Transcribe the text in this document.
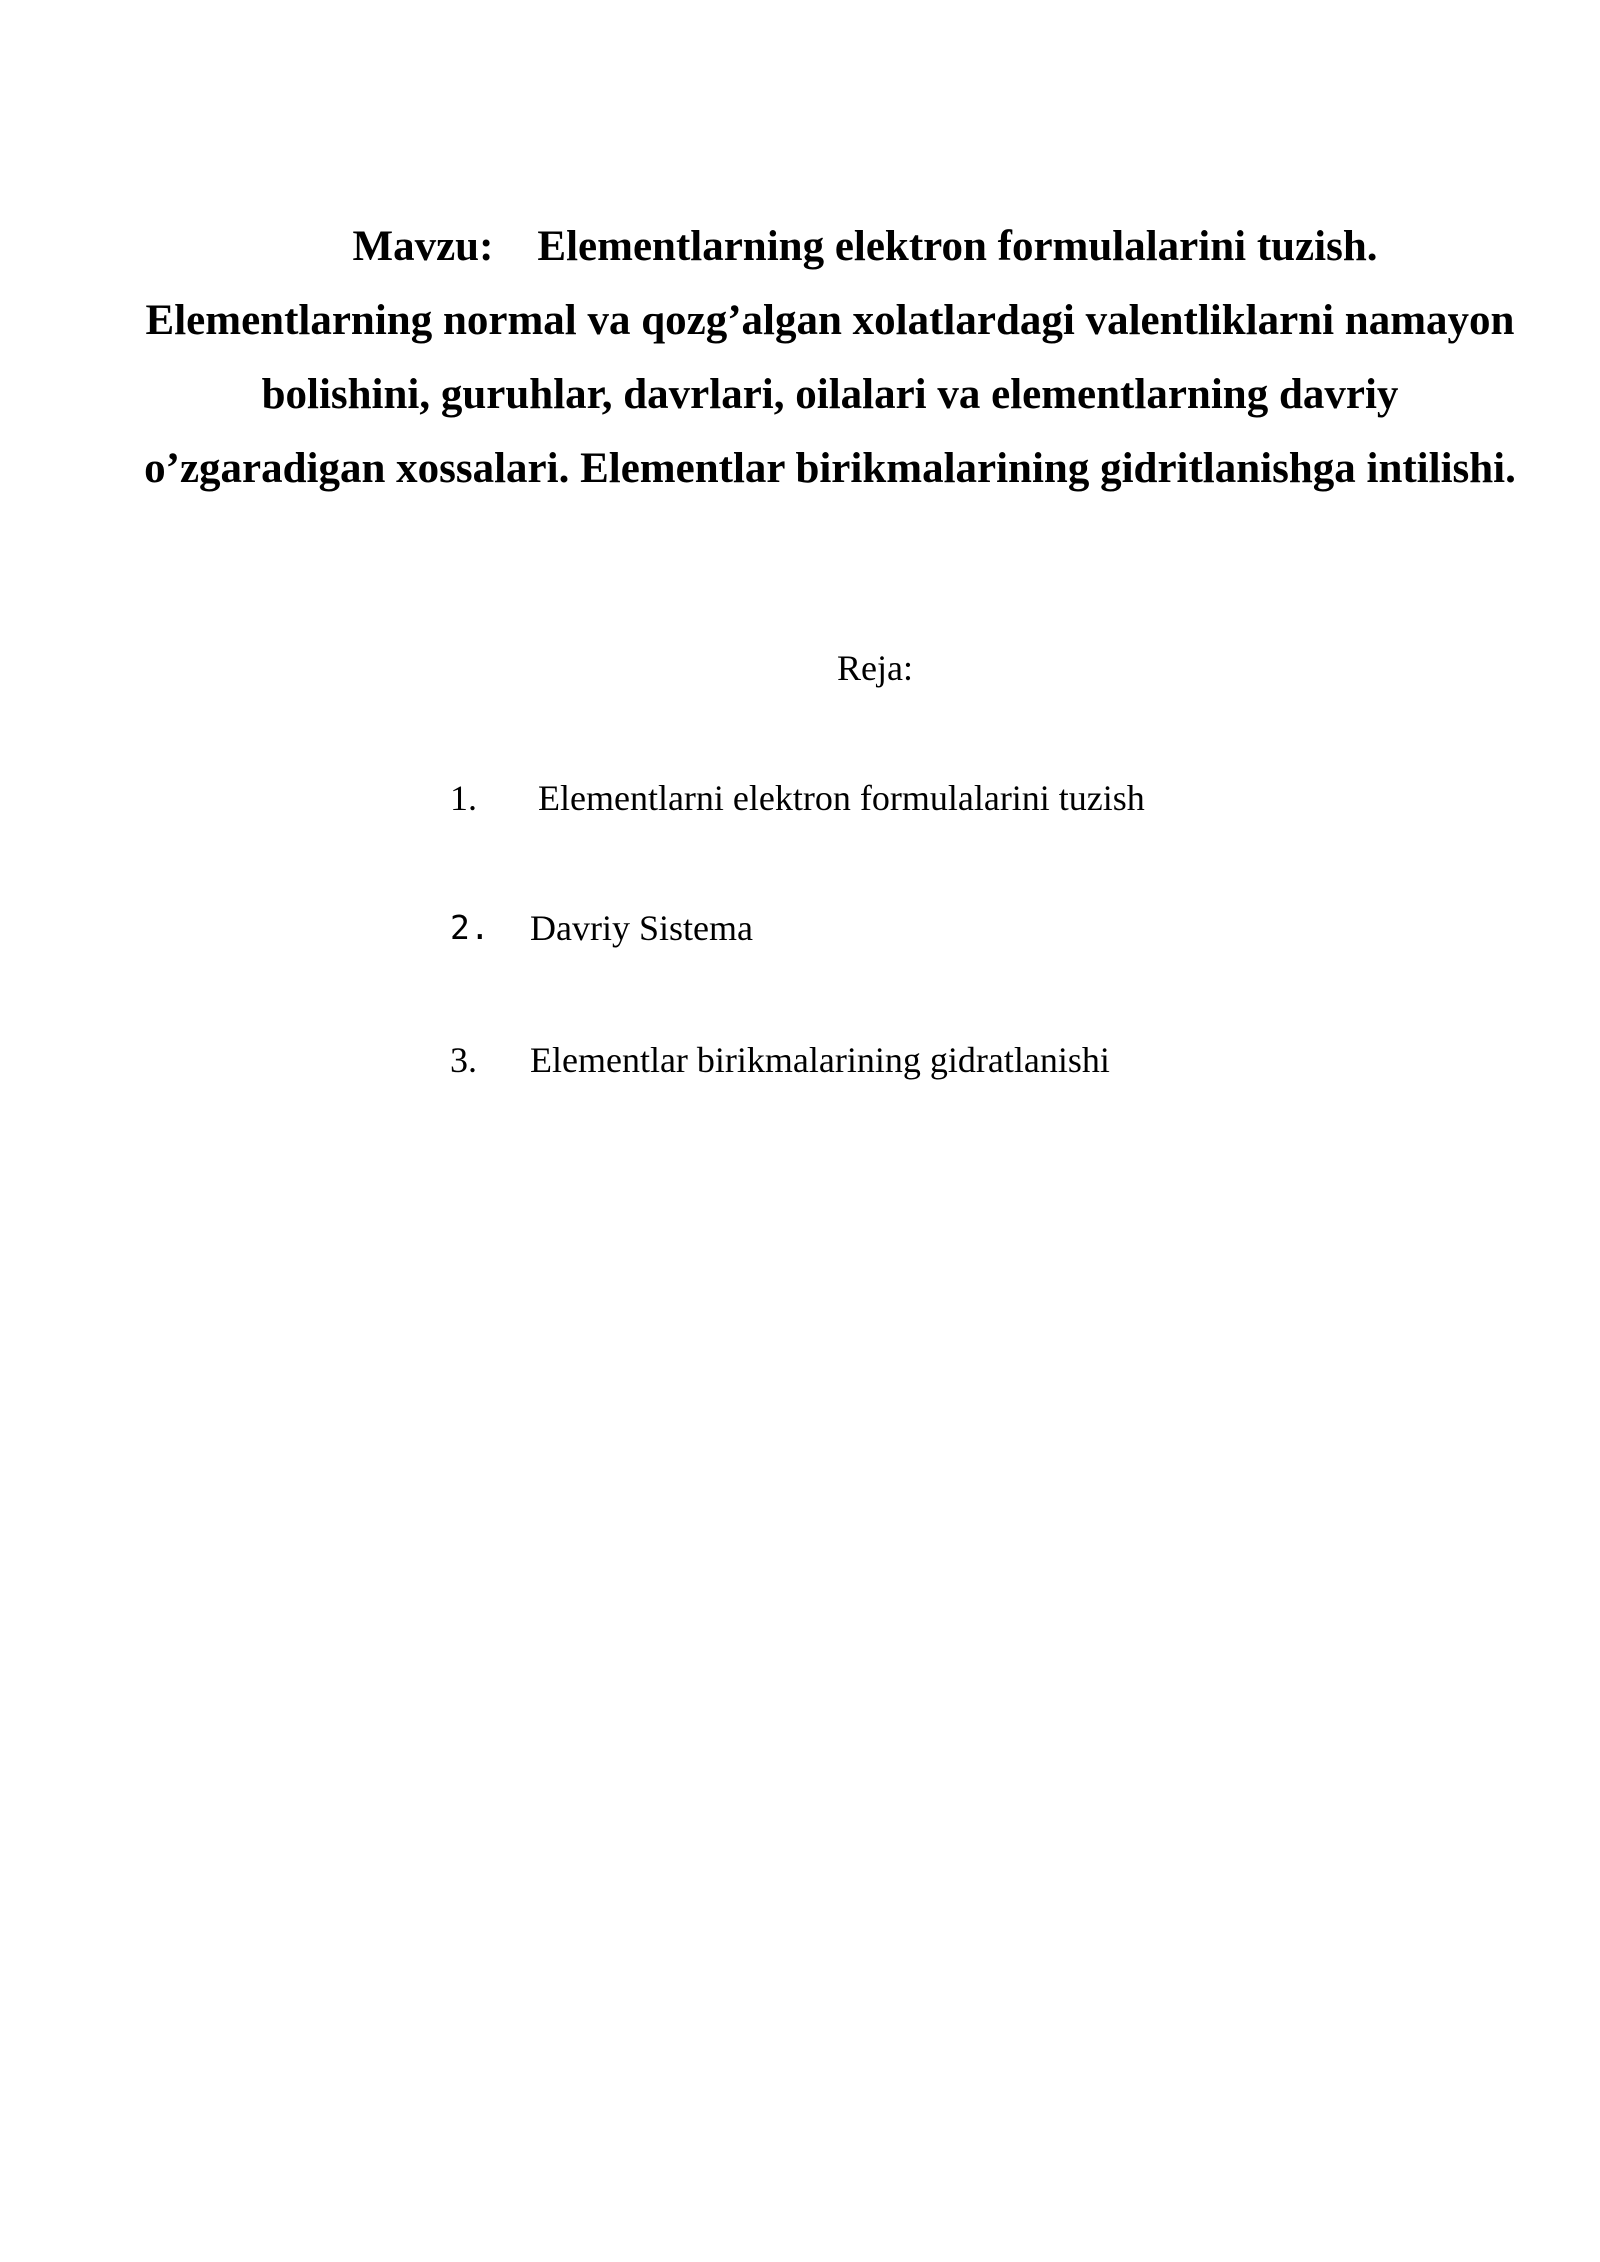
Mavzu: Elementlarning elektron formulalarini tuzish.
Elementlarning normal va qozg’algan xolatlardagi valentliklarni namayon
bolishini, guruhlar, davrlari, oilalari va elementlarning davriy
o’zgaradigan xossalari. Elementlar birikmalarining gidritlanishga intilishi.
Reja:
1. Elementlarni elektron formulalarini tuzish
2. Davriy Sistema
3. Elementlar birikmalarining gidratlanishi
